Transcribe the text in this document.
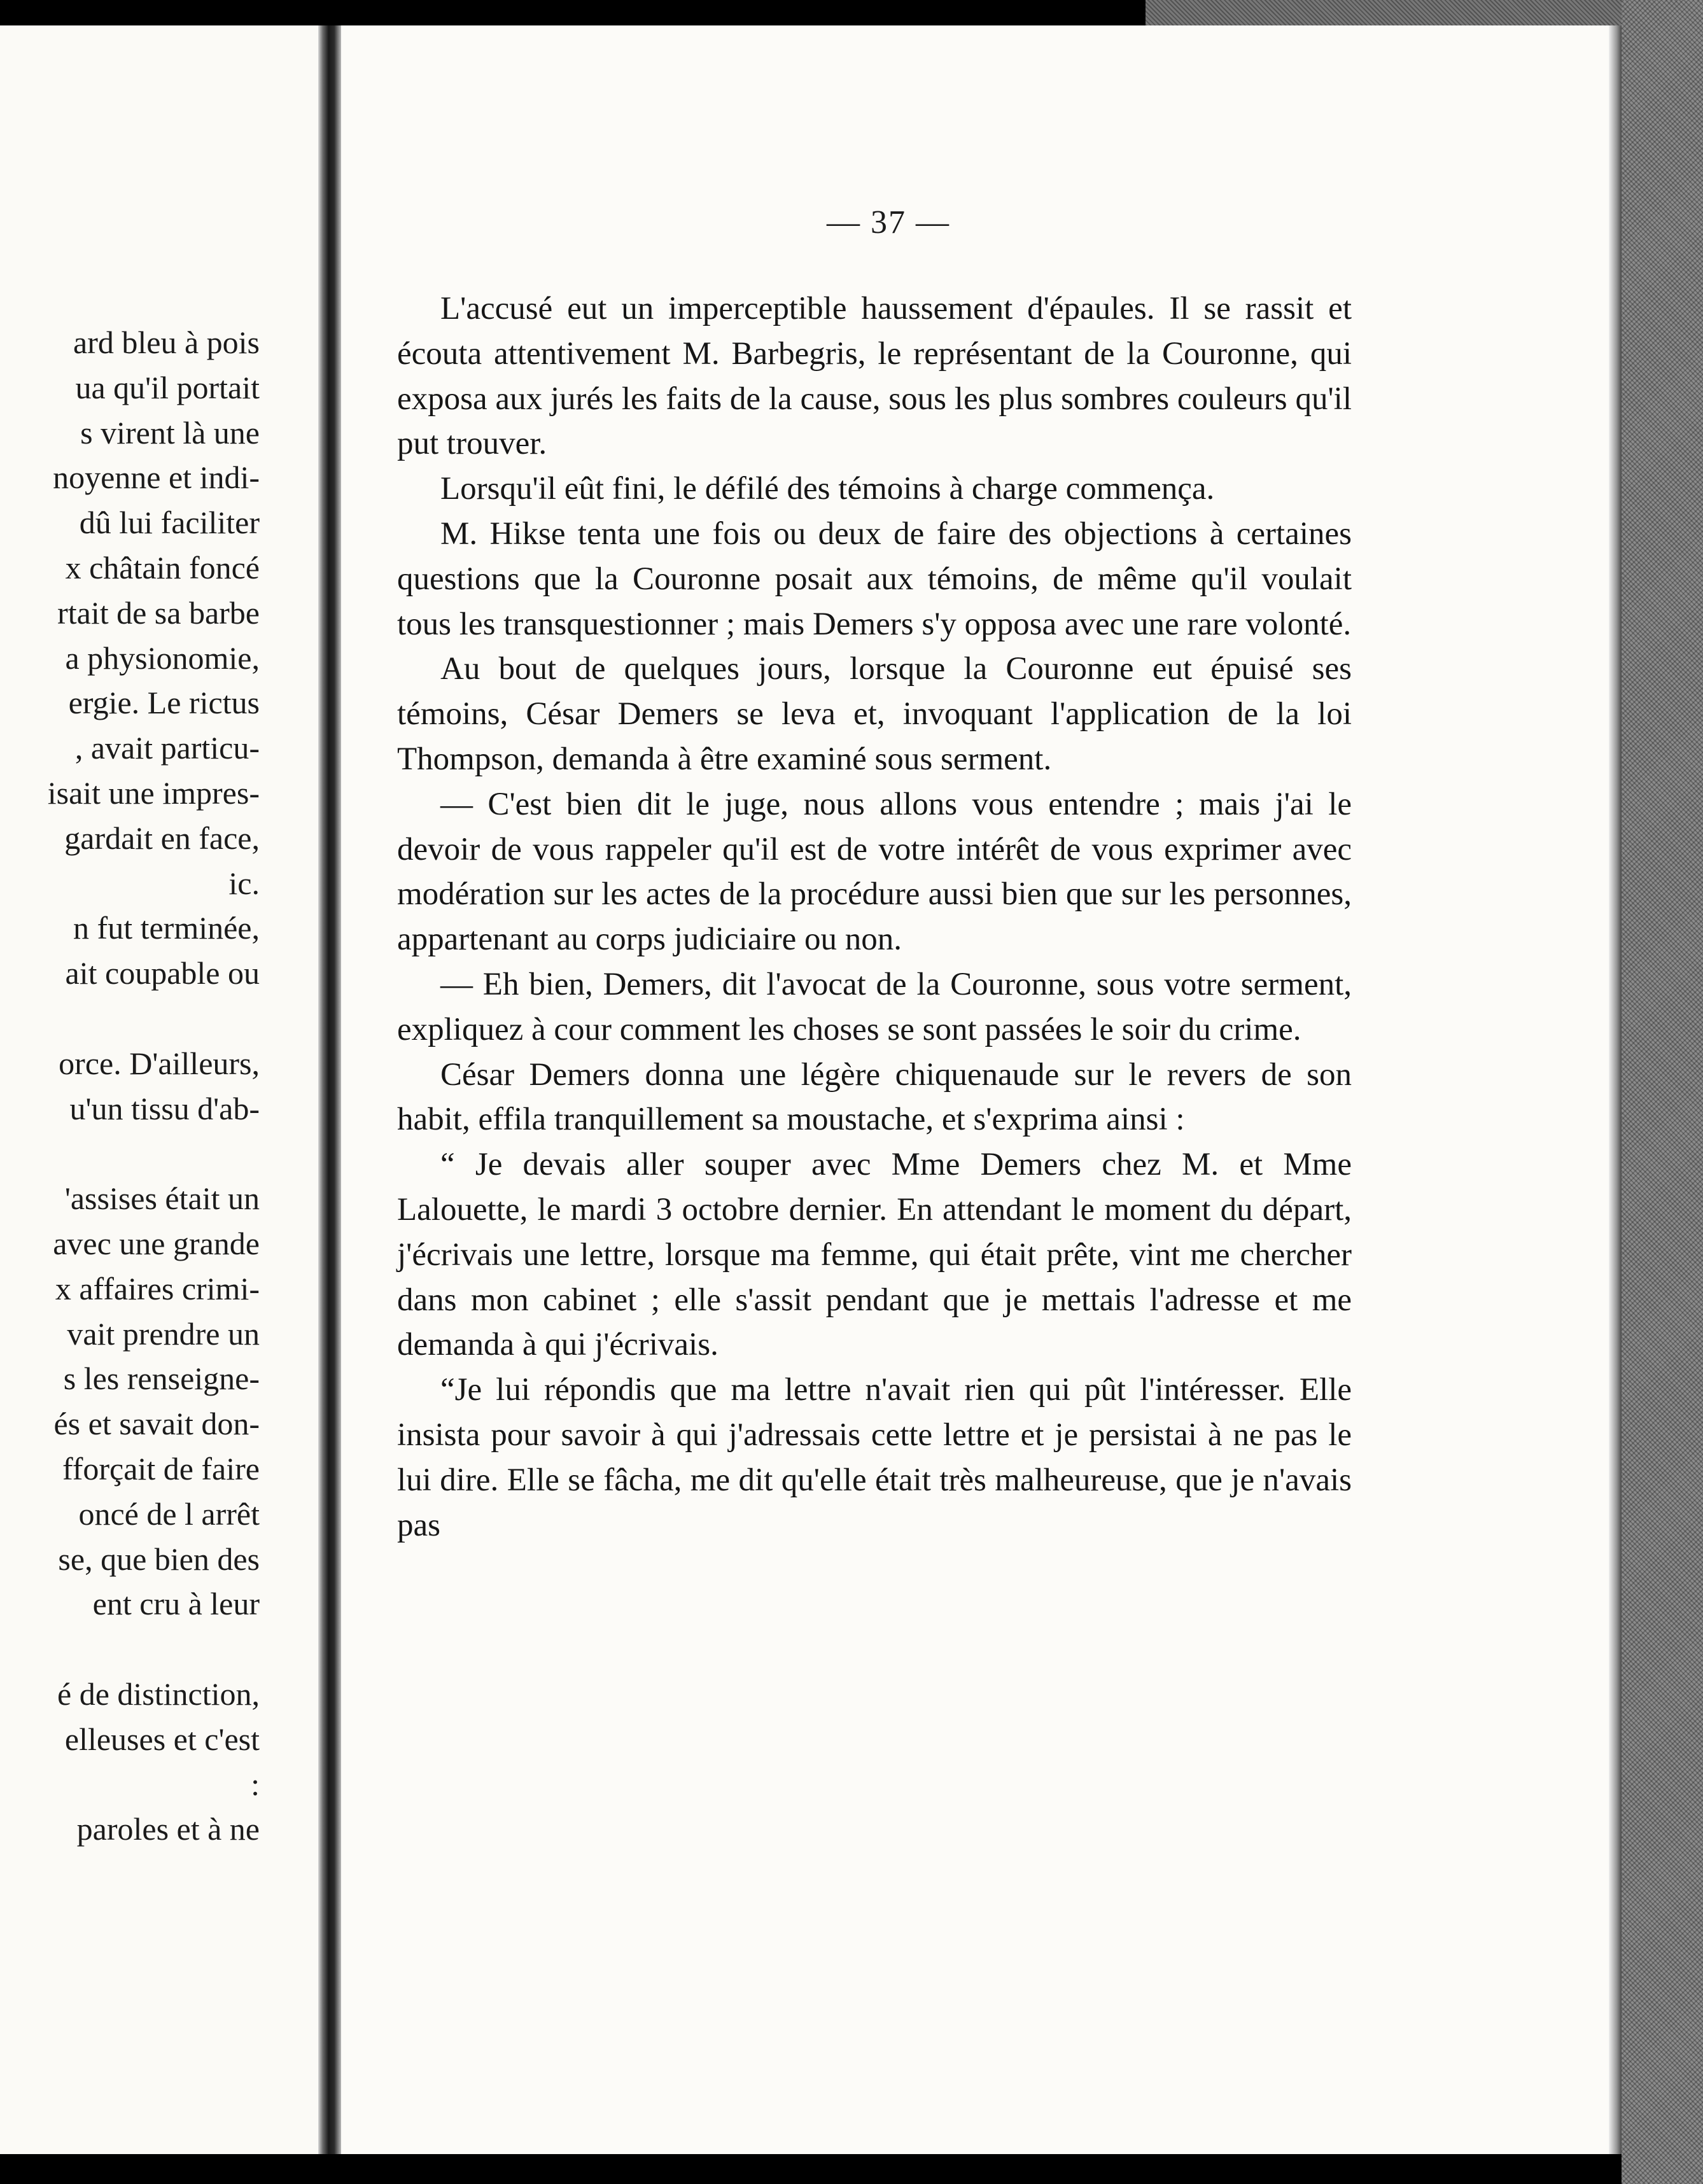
ard bleu à pois
ua qu'il portait
s virent là une
noyenne et indi-
dû lui faciliter
x châtain foncé
rtait de sa barbe
a physionomie,
ergie. Le rictus
, avait particu-
isait une impres-
gardait en face,
ic.
n fut terminée,
ait coupable ou
orce. D'ailleurs,
u'un tissu d'ab-
'assises était un
avec une grande
x affaires crimi-
vait prendre un
s les renseigne-
és et savait don-
fforçait de faire
oncé de l arrêt
se, que bien des
ent cru à leur
é de distinction,
elleuses et c'est
:
paroles et à ne
— 37 —

L'accusé eut un imperceptible haussement d'épaules. Il se rassit et écouta attentivement M. Barbegris, le représentant de la Couronne, qui exposa aux jurés les faits de la cause, sous les plus sombres couleurs qu'il put trouver.

Lorsqu'il eût fini, le défilé des témoins à charge commença.

M. Hikse tenta une fois ou deux de faire des objections à certaines questions que la Couronne posait aux témoins, de même qu'il voulait tous les transquestionner ; mais Demers s'y opposa avec une rare volonté.

Au bout de quelques jours, lorsque la Couronne eut épuisé ses témoins, César Demers se leva et, invoquant l'application de la loi Thompson, demanda à être examiné sous serment.

— C'est bien dit le juge, nous allons vous entendre ; mais j'ai le devoir de vous rappeler qu'il est de votre intérêt de vous exprimer avec modération sur les actes de la procédure aussi bien que sur les personnes, appartenant au corps judiciaire ou non.

— Eh bien, Demers, dit l'avocat de la Couronne, sous votre serment, expliquez à cour comment les choses se sont passées le soir du crime.

César Demers donna une légère chiquenaude sur le revers de son habit, effila tranquillement sa moustache, et s'exprima ainsi :

“ Je devais aller souper avec Mme Demers chez M. et Mme Lalouette, le mardi 3 octobre dernier. En attendant le moment du départ, j'écrivais une lettre, lorsque ma femme, qui était prête, vint me chercher dans mon cabinet ; elle s'assit pendant que je mettais l'adresse et me demanda à qui j'écrivais.

“Je lui répondis que ma lettre n'avait rien qui pût l'intéresser. Elle insista pour savoir à qui j'adressais cette lettre et je persistai à ne pas le lui dire. Elle se fâcha, me dit qu'elle était très malheureuse, que je n'avais pas
